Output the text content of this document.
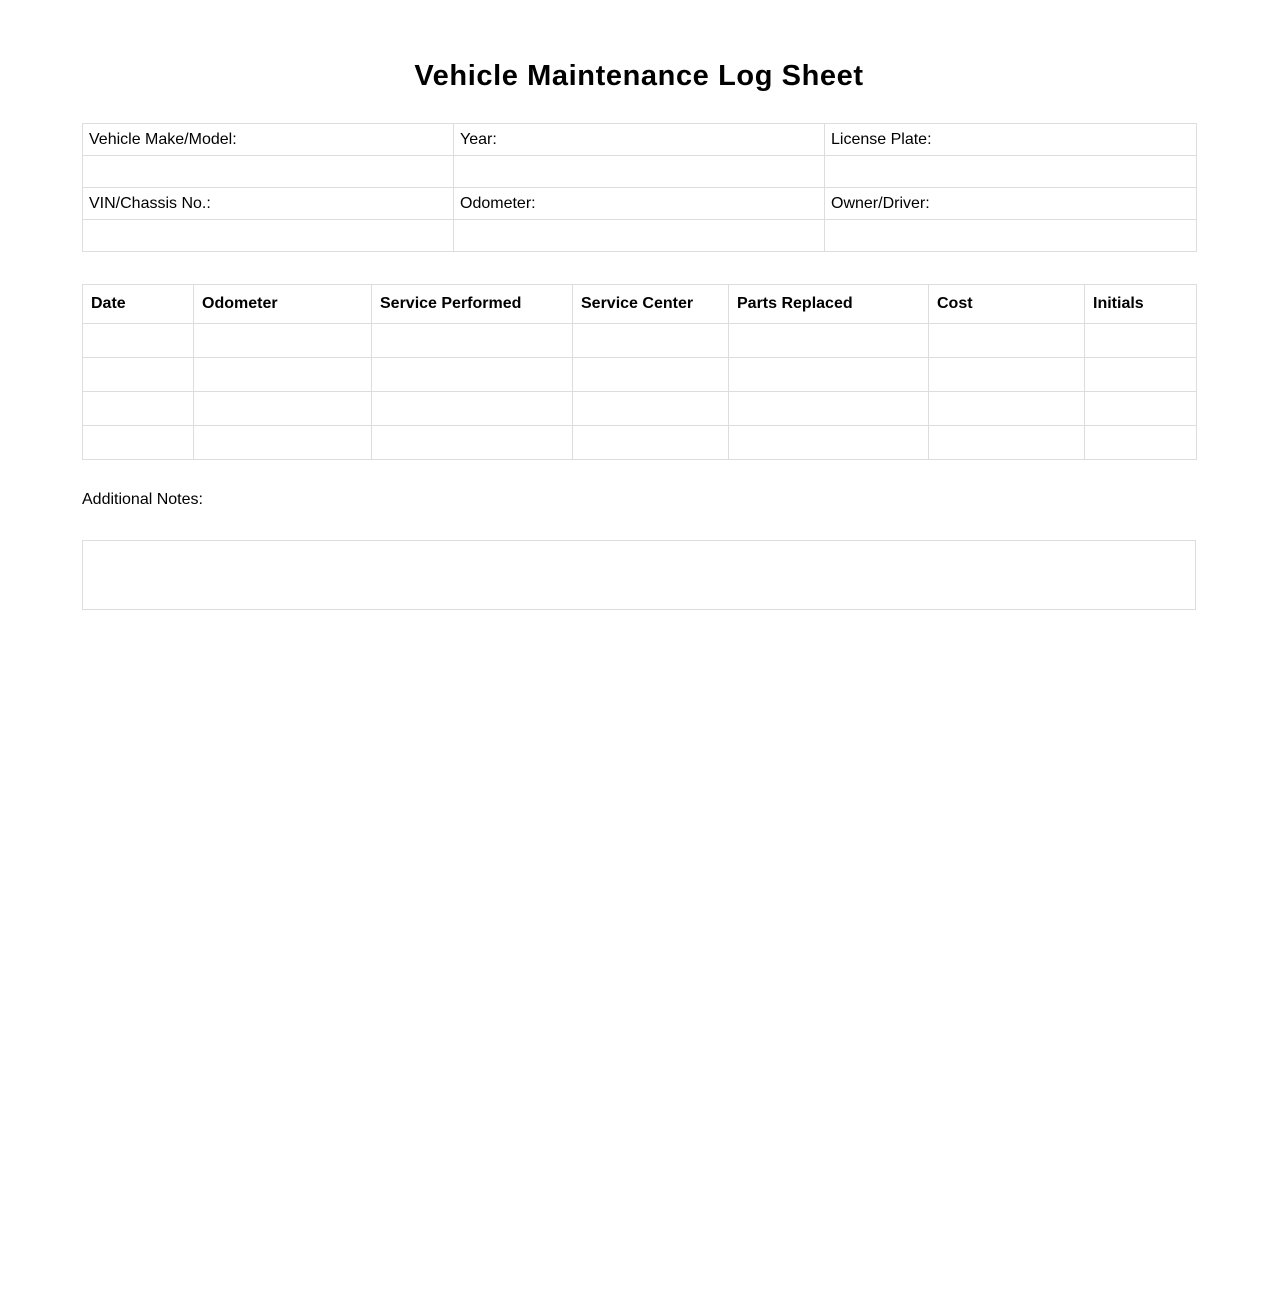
Vehicle Maintenance Log Sheet
Vehicle Make/Model:	Year:	License Plate:

VIN/Chassis No.:	Odometer:	Owner/Driver:

Date	Odometer	Service Performed	Service Center	Parts Replaced	Cost	Initials

Additional Notes:
